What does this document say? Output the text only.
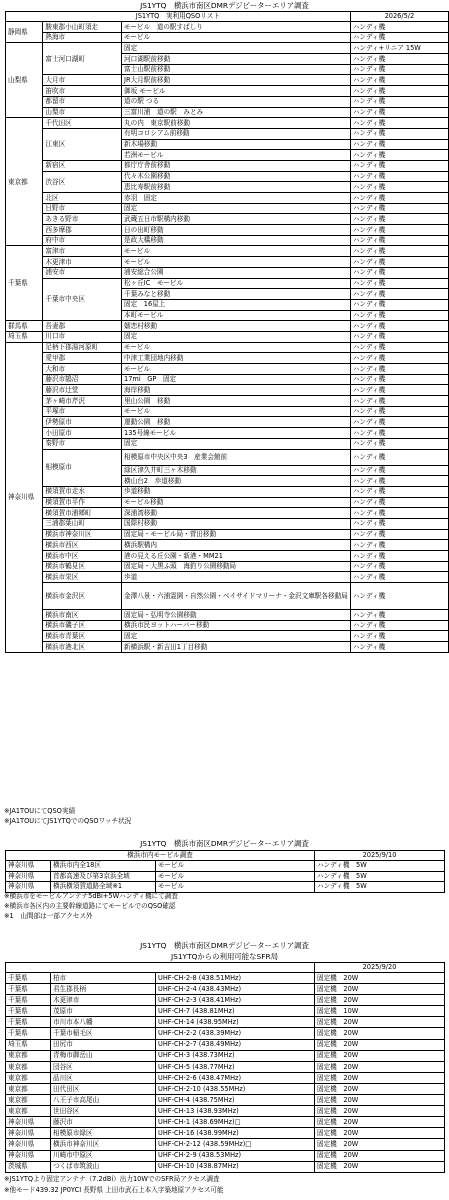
JS1YTQ　横浜市南区DMRデジピーターエリア調査
JS1YTQ　実利用QSOリスト			2026/5/2
静岡県	駿東郡小山町須走	モービル　道の駅すばしり	ハンディ機
	熱海市	モービル	ハンディ機
山梨県	富士河口湖町	固定	ハンディ+リニア 15W
		河口湖駅前移動	ハンディ機
		富士山駅前移動	ハンディ機
	大月市	JR大月駅前移動	ハンディ機
	笛吹市	御坂 モービル	ハンディ機
	都留市	道の駅 つる	ハンディ機
	山梨市	三富川浦　道の駅　みとみ	ハンディ機
東京都	千代田区	丸の内　東京駅前移動	ハンディ機
	江東区	有明コロシアム前移動	ハンディ機
		新木場移動	ハンディ機
		若洲モービル	ハンディ機
	新宿区	都庁庁舎前移動	ハンディ機
	渋谷区	代々木公園移動	ハンディ機
		恵比寿駅前移動	ハンディ機
	北区	赤羽　固定	ハンディ機
	日野市	固定	ハンディ機
	あきる野市	武蔵五日市駅構内移動	ハンディ機
	西多摩郡	日の出町移動	ハンディ機
	府中市	是政大橋移動	ハンディ機
千葉県	富津市	モービル	ハンディ機
	木更津市	モービル	ハンディ機
	浦安市	浦安総合公園	ハンディ機
	千葉市中央区	松ヶ丘IC　モービル	ハンディ機
		千葉みなと移動	ハンディ機
		固定　16屋上	ハンディ機
		本町モービル	ハンディ機
群馬県	吾妻郡	嬬恋村移動	ハンディ機
埼玉県	川口市	固定	ハンディ機
神奈川県	足柄下郡湯河原町	モービル	ハンディ機
	愛甲郡	中津工業団地内移動	ハンディ機
	大和市	モービル	ハンディ機
	藤沢市鵠沼	17mi　GP　固定	ハンディ機
	藤沢市辻堂	海岸移動	ハンディ機
	茅ヶ崎市芹沢	里山公園　移動	ハンディ機
	平塚市	モービル	ハンディ機
	伊勢原市	運動公園　移動	ハンディ機
	小田原市	135号線モービル	ハンディ機
	秦野市	固定	ハンディ機
	相模原市	相模原市中央区中央3　産業会館前	ハンディ機
		緑区津久井町三ヶ木移動	ハンディ機
		横山台2　歩道移動	ハンディ機
	横須賀市走水	歩道移動	ハンディ機
	横須賀市平作	モービル移動	ハンディ機
	横須賀市浦郷町	深浦湾移動	ハンディ機
	三浦郡葉山町	国際村移動	ハンディ機
	横浜市神奈川区	固定局・モービル局・菅田移動	ハンディ機
	横浜市西区	横浜駅構内	ハンディ機
	横浜市中区	港の見える丘公園・新港・MM21	ハンディ機
	横浜市鶴見区	固定局・大黒ふ頭　海釣り公園移動局	ハンディ機
	横浜市栄区	歩道	ハンディ機
	横浜市金沢区	金澤八景・六浦霊園・自然公園・ベイサイドマリーナ・金沢文庫駅各移動局	ハンディ機
	横浜市南区	固定局・弘明寺公園移動	ハンディ機
	横浜市磯子区	横浜市民ヨットハーバー移動	ハンディ機
	横浜市青葉区	固定	ハンディ機
	横浜市港北区	新横浜駅・新吉田1丁目移動	ハンディ機
※JA1TOUにてQSO実績
※JA1TOUにてJS1YTQでのQSOワッチ状況
JS1YTQ　横浜市南区DMRデジピーターエリア調査
横浜市内モービル調査			2025/9/10
神奈川県	横浜市内全18区	モービル	ハンディ機　5W
神奈川県	首都高速及び第3京浜全域	モービル	ハンディ機　5W
神奈川県	横浜横須賀道路全域※1	モービル	ハンディ機　5W
※横浜市をモービルアンテナ5dBi+5Wハンディ機にて調査
※横浜市各区内の主要幹線道路にてモービルでのQSO確認
※1　山間部は一部アクセス外
JS1YTQ　横浜市南区DMRデジピーターエリア調査
JS1YTQからの利用可能なSFR局
			2025/9/20
千葉県	柏市	UHF-CH-2-8 (438.51MHz)	固定機　20W
千葉県	君生郡長柄	UHF-CH-2-4 (438.43MHz)	固定機　20W
千葉県	木更津市	UHF-CH-2-3 (438.41MHz)	固定機　20W
千葉県	茂原市	UHF-CH-7 (438.81MHz)	固定機　10W
千葉県	市川市本八幡	UHF-CH-14 (438.95MHz)	固定機　20W
千葉県	千葉市稲毛区	UHF-CH-2-2 (438.39MHz)	固定機　20W
埼玉県	田尻市	UHF-CH-2-7 (438.49MHz)	固定機　20W
東京都	青梅市御岳山	UHF-CH-3 (438.73MHz)	固定機　20W
東京都	団谷区	UHF-CH-5 (438.77MHz)	固定機　20W
東京都	品川区	UHF-CH-2-6 (438.47MHz)	固定機　20W
東京都	田代田区	UHF-CH-2-10 (438.55MHz)	固定機　20W
東京都	八王子市高尾山	UHF-CH-4 (438.75MHz)	固定機　20W
東京都	世田谷区	UHF-CH-13 (438.93MHz)	固定機　20W
神奈川県	藤沢市	UHF-CH-1 (438.69MHz)□	固定機　20W
神奈川県	相模原市緑区	UHF-CH-16 (438.99MHz)	固定機　20W
神奈川県	横浜市神奈川区	UHF-CH-2-12 (438.59MHz)□	固定機　20W
神奈川県	川崎市中原区	UHF-CH-2-9 (438.53MHz)	固定機　20W
茨城県	つくば市筑波山	UHF-CH-10 (438.87MHz)	固定機　20W
※JS1YTQより固定アンテナ（7.2dBi）出力10WでのSFR局アクセス調査
※他モード439.32 JP0YCI 長野県 上田市武石上本入字築地原アクセス可能
